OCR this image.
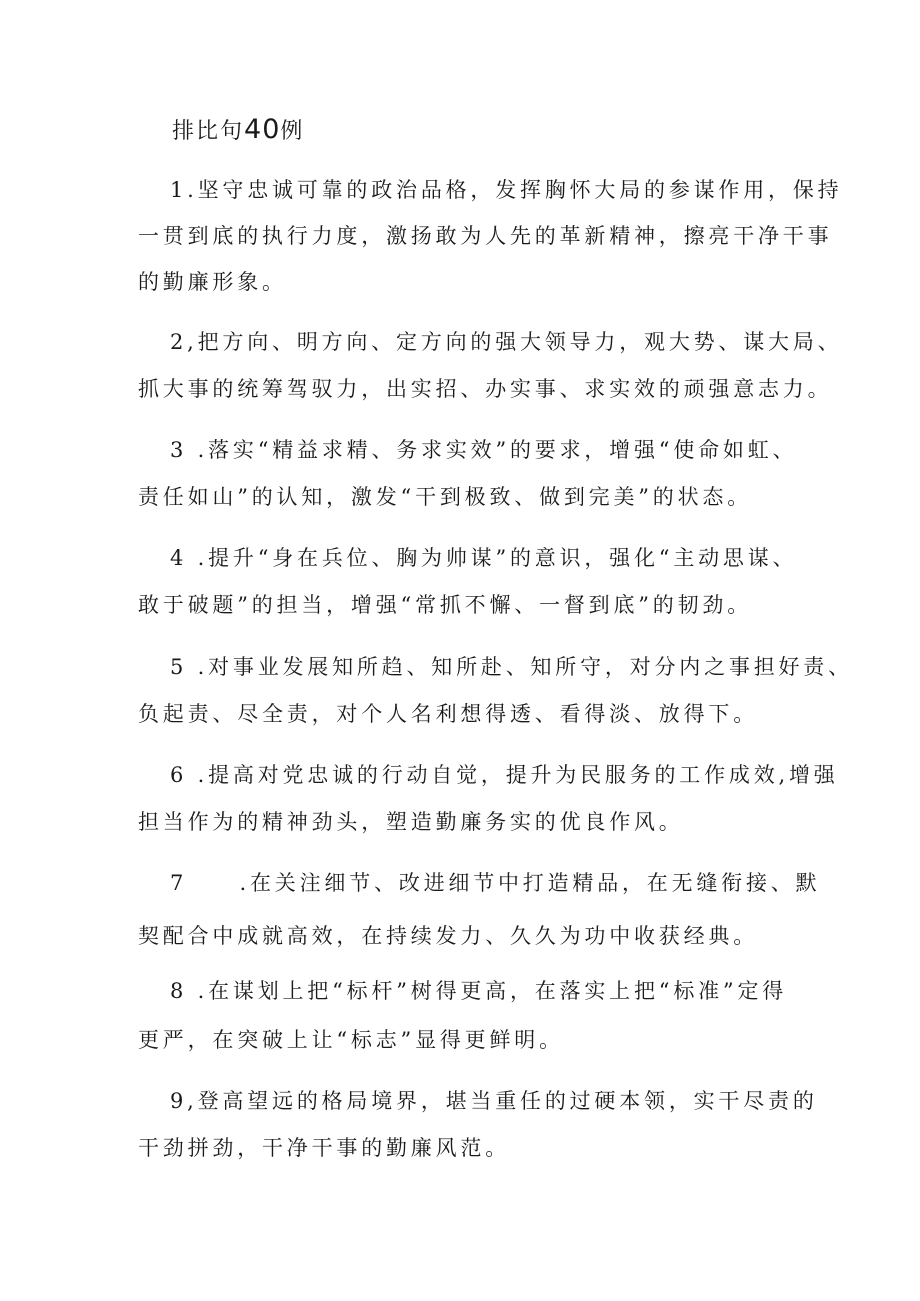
排比句40例
1.坚守忠诚可靠的政治品格，发挥胸怀大局的参谋作用，保持
一贯到底的执行力度，激扬敢为人先的革新精神，擦亮干净干事
的勤廉形象。
2,把方向、明方向、定方向的强大领导力，观大势、谋大局、
抓大事的统筹驾驭力，出实招、办实事、求实效的顽强意志力。
3 .落实“精益求精、务求实效”的要求，增强“使命如虹、
责任如山”的认知，激发“干到极致、做到完美”的状态。
4 .提升“身在兵位、胸为帅谋”的意识，强化“主动思谋、
敢于破题”的担当，增强“常抓不懈、一督到底”的韧劲。
5 .对事业发展知所趋、知所赴、知所守，对分内之事担好责、
负起责、尽全责，对个人名利想得透、看得淡、放得下。
6 .提高对党忠诚的行动自觉，提升为民服务的工作成效,增强
担当作为的精神劲头，塑造勤廉务实的优良作风。
7     .在关注细节、改进细节中打造精品，在无缝衔接、默
契配合中成就高效，在持续发力、久久为功中收获经典。
8 .在谋划上把“标杆”树得更高，在落实上把“标准”定得
更严，在突破上让“标志”显得更鲜明。
9,登高望远的格局境界，堪当重任的过硬本领，实干尽责的
干劲拼劲，干净干事的勤廉风范。
